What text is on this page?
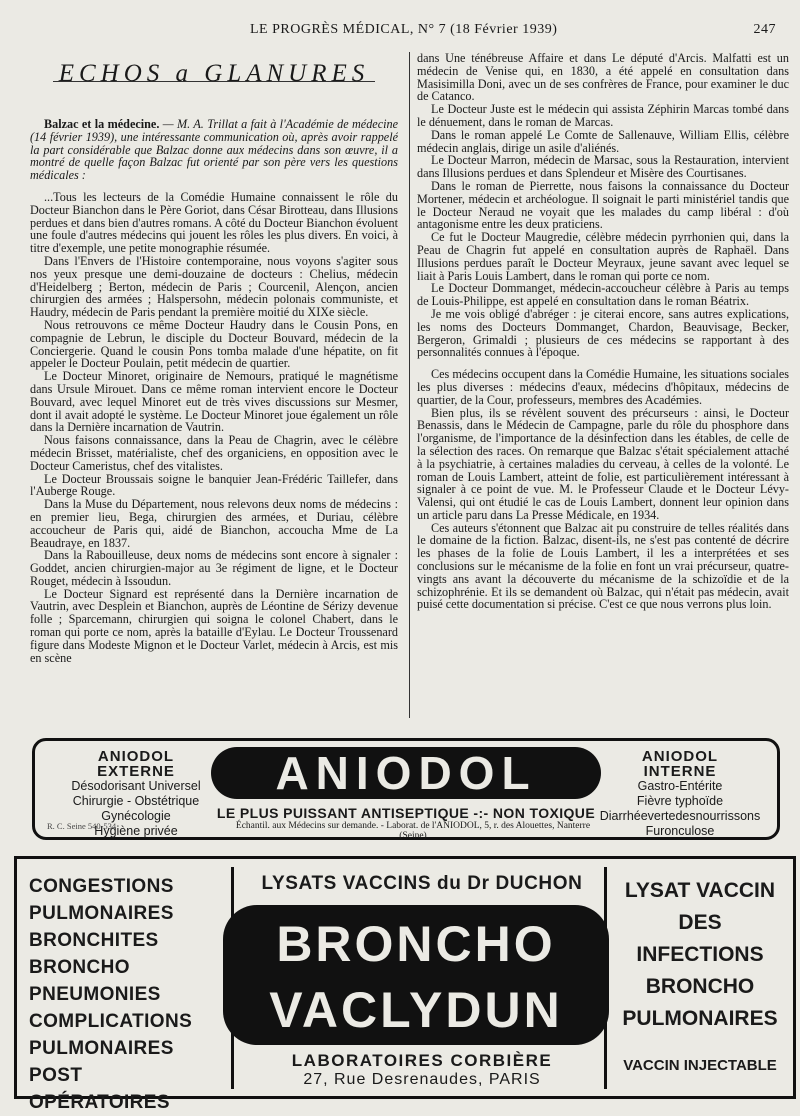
LE PROGRÈS MÉDICAL, N° 7 (18 Février 1939)	247
ECHOS a GLANURES

Balzac et la médecine. — M. A. Trillat a fait à l'Académie de médecine (14 février 1939), une intéressante communication où, après avoir rappelé la part considérable que Balzac donne aux médecins dans son œuvre, il a montré de quelle façon Balzac fut orienté par son père vers les questions médicales :

...Tous les lecteurs de la Comédie Humaine connaissent le rôle du Docteur Bianchon dans le Père Goriot, dans César Birotteau, dans Illusions perdues et dans bien d'autres romans. A côté du Docteur Bianchon évoluent une foule d'autres médecins qui jouent les rôles les plus divers. En voici, à titre d'exemple, une petite monographie résumée.

Dans l'Envers de l'Histoire contemporaine, nous voyons s'agiter sous nos yeux presque une demi-douzaine de docteurs : Chelius, médecin d'Heidelberg ; Berton, médecin de Paris ; Courcenil, Alençon, ancien chirurgien des armées ; Halspersohn, médecin polonais communiste, et Haudry, médecin de Paris pendant la première moitié du XIXe siècle.

Nous retrouvons ce même Docteur Haudry dans le Cousin Pons, en compagnie de Lebrun, le disciple du Docteur Bouvard, médecin de la Conciergerie. Quand le cousin Pons tomba malade d'une hépatite, on fit appeler le Docteur Poulain, petit médecin de quartier.

Le Docteur Minoret, originaire de Nemours, pratiqué le magnétisme dans Ursule Mirouet. Dans ce même roman intervient encore le Docteur Bouvard, avec lequel Minoret eut de très vives discussions sur Mesmer, dont il avait adopté le système. Le Docteur Minoret joue également un rôle dans la Dernière incarnation de Vautrin.

Nous faisons connaissance, dans la Peau de Chagrin, avec le célèbre médecin Brisset, matérialiste, chef des organiciens, en opposition avec le Docteur Cameristus, chef des vitalistes.

Le Docteur Broussais soigne le banquier Jean-Frédéric Taillefer, dans l'Auberge Rouge.

Dans la Muse du Département, nous relevons deux noms de médecins : en premier lieu, Bega, chirurgien des armées, et Duriau, célèbre accoucheur de Paris qui, aidé de Bianchon, accoucha Mme de La Beaudraye, en 1837.

Dans la Rabouilleuse, deux noms de médecins sont encore à signaler : Goddet, ancien chirurgien-major au 3e régiment de ligne, et le Docteur Rouget, médecin à Issoudun.

Le Docteur Signard est représenté dans la Dernière incarnation de Vautrin, avec Desplein et Bianchon, auprès de Léontine de Sérizy devenue folle ; Sparcemann, chirurgien qui soigna le colonel Chabert, dans le roman qui porte ce nom, après la bataille d'Eylau. Le Docteur Troussenard figure dans Modeste Mignon et le Docteur Varlet, médecin à Arcis, est mis en scène

dans Une ténébreuse Affaire et dans Le député d'Arcis. Malfatti est un médecin de Venise qui, en 1830, a été appelé en consultation dans Masisimilla Doni, avec un de ses confrères de France, pour examiner le duc de Catanco.

Le Docteur Juste est le médecin qui assista Zéphirin Marcas tombé dans le dénuement, dans le roman de Marcas.

Dans le roman appelé Le Comte de Sallenauve, William Ellis, célèbre médecin anglais, dirige un asile d'aliénés.

Le Docteur Marron, médecin de Marsac, sous la Restauration, intervient dans Illusions perdues et dans Splendeur et Misère des Courtisanes.

Dans le roman de Pierrette, nous faisons la connaissance du Docteur Mortener, médecin et archéologue. Il soignait le parti ministériel tandis que le Docteur Neraud ne voyait que les malades du camp libéral : d'où antagonisme entre les deux praticiens.

Ce fut le Docteur Maugredie, célèbre médecin pyrrhonien qui, dans la Peau de Chagrin fut appelé en consultation auprès de Raphaël. Dans Illusions perdues paraît le Docteur Meyraux, jeune savant avec lequel se liait à Paris Louis Lambert, dans le roman qui porte ce nom.

Le Docteur Dommanget, médecin-accoucheur célèbre à Paris au temps de Louis-Philippe, est appelé en consultation dans le roman Béatrix.

Je me vois obligé d'abréger : je citerai encore, sans autres explications, les noms des Docteurs Dommanget, Chardon, Beauvisage, Becker, Bergeron, Grimaldi ; plusieurs de ces médecins se rapportant à des personnalités connues à l'époque.

Ces médecins occupent dans la Comédie Humaine, les situations sociales les plus diverses : médecins d'eaux, médecins d'hôpitaux, médecins de quartier, de la Cour, professeurs, membres des Académies.

Bien plus, ils se révèlent souvent des précurseurs : ainsi, le Docteur Benassis, dans le Médecin de Campagne, parle du rôle du phosphore dans l'organisme, de l'importance de la désinfection dans les étables, de celle de la sélection des races. On remarque que Balzac s'était spécialement attaché à la psychiatrie, à certaines maladies du cerveau, à celles de la volonté. Le roman de Louis Lambert, atteint de folie, est particulièrement intéressant à signaler à ce point de vue. M. le Professeur Claude et le Docteur Lévy-Valensi, qui ont étudié le cas de Louis Lambert, donnent leur opinion dans un article paru dans La Presse Médicale, en 1934.

Ces auteurs s'étonnent que Balzac ait pu construire de telles réalités dans le domaine de la fiction. Balzac, disent-ils, ne s'est pas contenté de décrire les phases de la folie de Louis Lambert, il les a interprétées et ses conclusions sur le mécanisme de la folie en font un vrai précurseur, quatre-vingts ans avant la découverte du mécanisme de la schizoïdie et de la schizophrénie. Et ils se demandent où Balzac, qui n'était pas médecin, avait puisé cette documentation si précise. C'est ce que nous verrons plus loin.

ANIODOL
EXTERNE
Désodorisant Universel
Chirurgie - Obstétrique
Gynécologie
Hygiène privée
R. C. Seine 540-534
ANIODOL
LE PLUS PUISSANT ANTISEPTIQUE -:- NON TOXIQUE
Échantil. aux Médecins sur demande. - Laborat. de l'ANIODOL, 5, r. des Alouettes, Nanterre (Seine)
ANIODOL
INTERNE
Gastro-Entérite
Fièvre typhoïde
Diarrhéevertedesnourrissons
Furonculose
CONGESTIONS
PULMONAIRES
BRONCHITES
BRONCHO
PNEUMONIES
COMPLICATIONS
PULMONAIRES
POST OPÉRATOIRES
LYSATS VACCINS du Dr DUCHON
BRONCHO
VACLYDUN
LABORATOIRES CORBIÈRE
27, Rue Desrenaudes, PARIS
LYSAT VACCIN
DES
INFECTIONS
BRONCHO
PULMONAIRES
VACCIN INJECTABLE
